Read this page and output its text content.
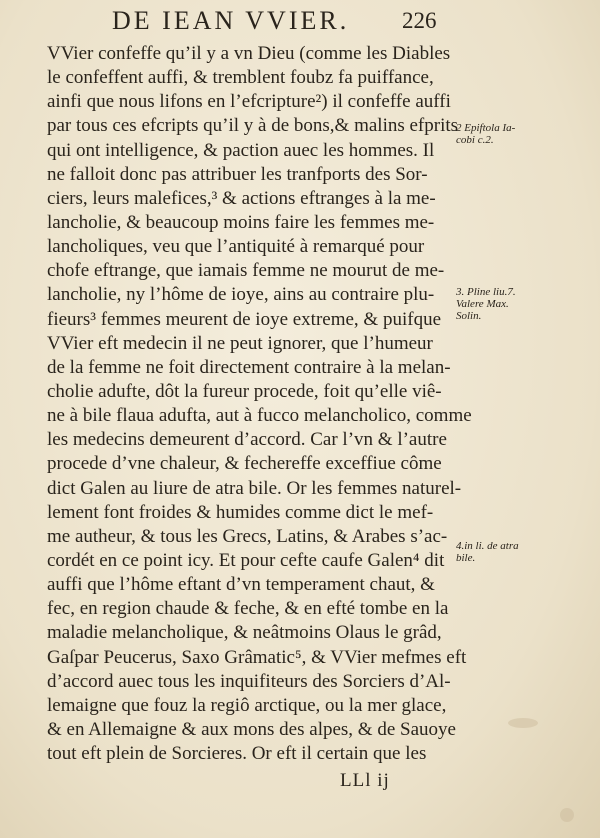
DE IEAN VVIER. 226
VVier confeffe qu’il y a vn Dieu (comme les Diables
le confeffent auffi, & tremblent foubz fa puiffance,
ainfi que nous lifons en l’efcripture²) il confeffe auffi
par tous ces efcripts qu’il y à de bons,& malins efprits
qui ont intelligence, & paction auec les hommes. Il
ne falloit donc pas attribuer les tranfports des Sor-
ciers, leurs malefices,³ & actions eftranges à la me-
lancholie, & beaucoup moins faire les femmes me-
lancholiques, veu que l’antiquité à remarqué pour
chofe eftrange, que iamais femme ne mourut de me-
lancholie, ny l’hôme de ioye, ains au contraire plu-
fieurs³ femmes meurent de ioye extreme, & puifque
VVier eft medecin il ne peut ignorer, que l’humeur
de la femme ne foit directement contraire à la melan-
cholie adufte, dôt la fureur procede, foit qu’elle viê-
ne à bile flaua adufta, aut à fucco melancholico, comme
les medecins demeurent d’accord. Car l’vn & l’autre
procede d’vne chaleur, & fechereffe exceffiue côme
dict Galen au liure de atra bile. Or les femmes naturel-
lement font froides & humides comme dict le mef-
me autheur, & tous les Grecs, Latins, & Arabes s’ac-
cordét en ce point icy. Et pour cefte caufe Galen⁴ dit
auffi que l’hôme eftant d’vn temperament chaut, &
fec, en region chaude & feche, & en efté tombe en la
maladie melancholique, & neâtmoins Olaus le grâd,
Gaſpar Peucerus, Saxo Grâmatic⁵, & VVier mefmes eft
d’accord auec tous les inquifiteurs des Sorciers d’Al-
lemaigne que fouz la regiô arctique, ou la mer glace,
& en Allemaigne & aux mons des alpes, & de Sauoye
tout eft plein de Sorcieres. Or eft il certain que les
2 Epiftola Ia-
cobi c.2.
3. Pline liu.7.
Valere Max.
Solin.
4.in li. de atra
bile.
LLl ij
